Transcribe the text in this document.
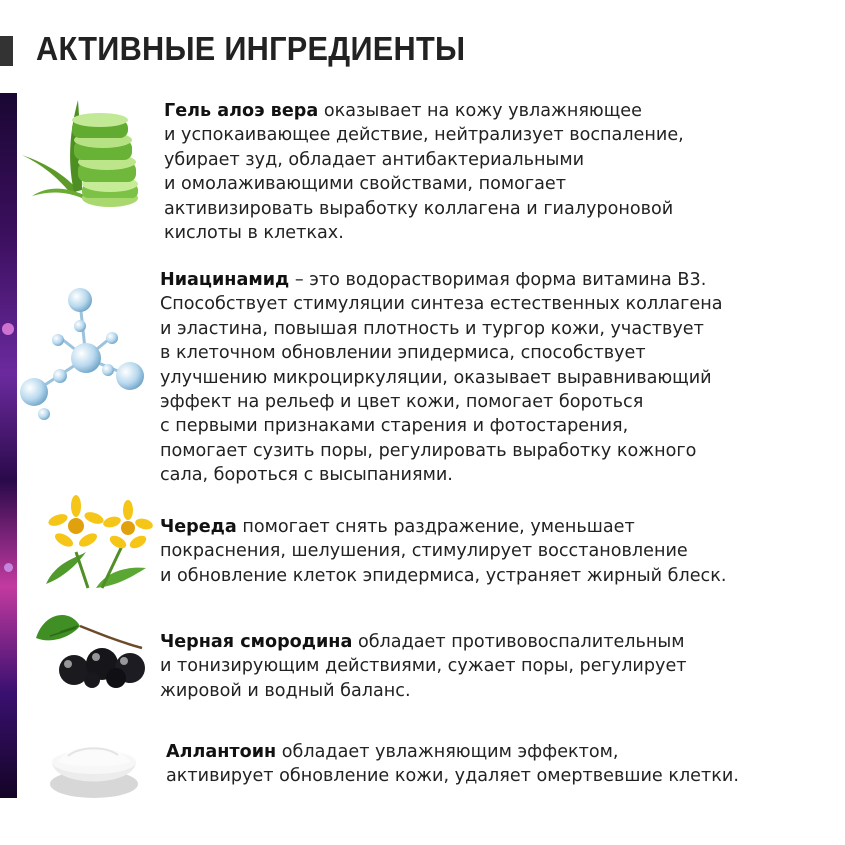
АКТИВНЫЕ ИНГРЕДИЕНТЫ

Гель алоэ вера оказывает на кожу увлажняющее
и успокаивающее действие, нейтрализует воспаление,
убирает зуд, обладает антибактериальными
и омолаживающими свойствами, помогает
активизировать выработку коллагена и гиалуроновой
кислоты в клетках.

Ниацинамид – это водорастворимая форма витамина В3.
Способствует стимуляции синтеза естественных коллагена
и эластина, повышая плотность и тургор кожи, участвует
в клеточном обновлении эпидермиса, способствует
улучшению микроциркуляции, оказывает выравнивающий
эффект на рельеф и цвет кожи, помогает бороться
с первыми признаками старения и фотостарения,
помогает сузить поры, регулировать выработку кожного
сала, бороться с высыпаниями.

Череда помогает снять раздражение, уменьшает
покраснения, шелушения, стимулирует восстановление
и обновление клеток эпидермиса, устраняет жирный блеск.

Черная смородина обладает противовоспалительным
и тонизирующим действиями, сужает поры, регулирует
жировой и водный баланс.

Аллантоин обладает увлажняющим эффектом,
активирует обновление кожи, удаляет омертвевшие клетки.
